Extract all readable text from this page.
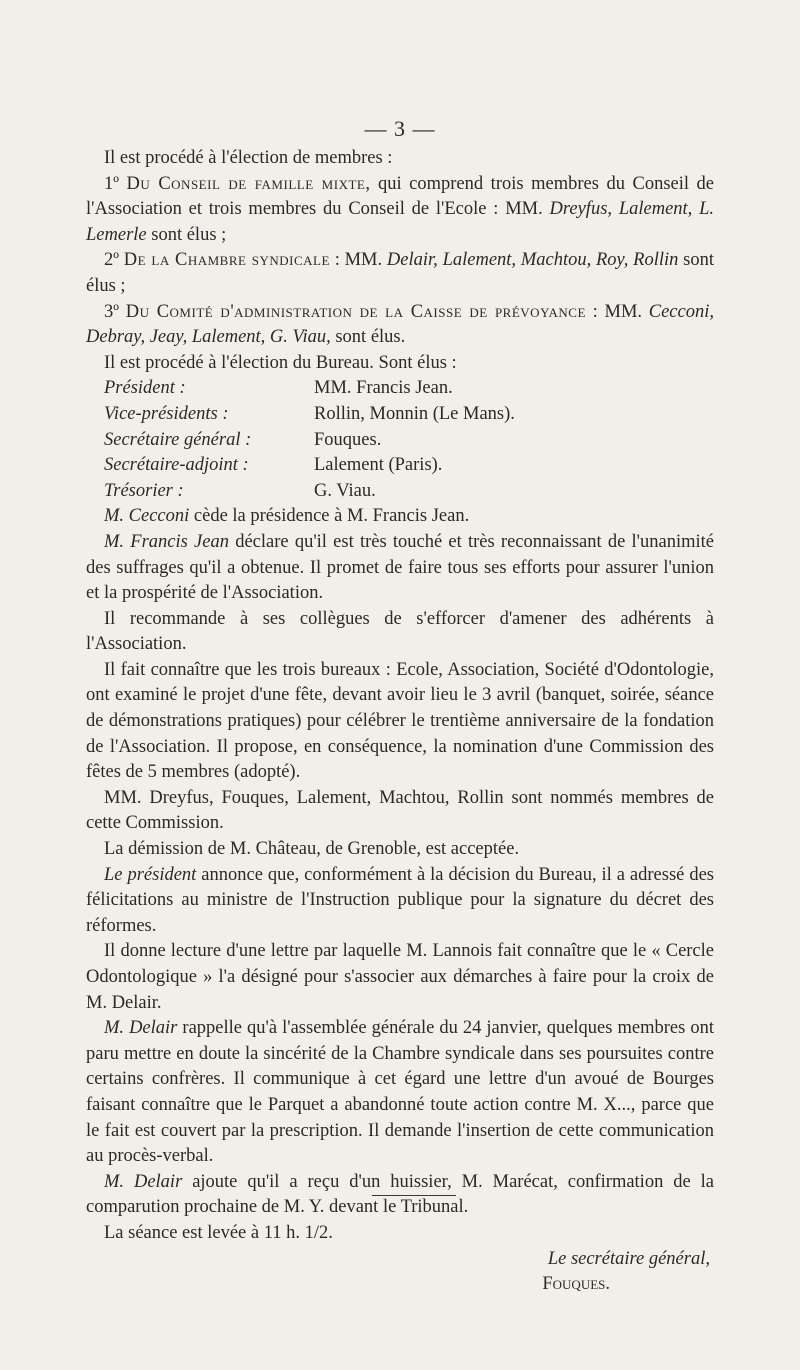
— 3 —

Il est procédé à l'élection de membres :

1º Du Conseil de famille mixte, qui comprend trois membres du Conseil de l'Association et trois membres du Conseil de l'Ecole : MM. Dreyfus, Lalement, L. Lemerle sont élus ;

2º De la Chambre syndicale : MM. Delair, Lalement, Machtou, Roy, Rollin sont élus ;

3º Du Comité d'administration de la Caisse de prévoyance : MM. Cecconi, Debray, Jeay, Lalement, G. Viau, sont élus.

Il est procédé à l'élection du Bureau. Sont élus :

Président :	MM. Francis Jean.
Vice-présidents :	Rollin, Monnin (Le Mans).
Secrétaire général :	Fouques.
Secrétaire-adjoint :	Lalement (Paris).
Trésorier :	G. Viau.

M. Cecconi cède la présidence à M. Francis Jean.

M. Francis Jean déclare qu'il est très touché et très reconnaissant de l'unanimité des suffrages qu'il a obtenue. Il promet de faire tous ses efforts pour assurer l'union et la prospérité de l'Association.

Il recommande à ses collègues de s'efforcer d'amener des adhérents à l'Association.

Il fait connaître que les trois bureaux : Ecole, Association, Société d'Odontologie, ont examiné le projet d'une fête, devant avoir lieu le 3 avril (banquet, soirée, séance de démonstrations pratiques) pour célébrer le trentième anniversaire de la fondation de l'Association. Il propose, en conséquence, la nomination d'une Commission des fêtes de 5 membres (adopté).

MM. Dreyfus, Fouques, Lalement, Machtou, Rollin sont nommés membres de cette Commission.

La démission de M. Château, de Grenoble, est acceptée.

Le président annonce que, conformément à la décision du Bureau, il a adressé des félicitations au ministre de l'Instruction publique pour la signature du décret des réformes.

Il donne lecture d'une lettre par laquelle M. Lannois fait connaître que le « Cercle Odontologique » l'a désigné pour s'associer aux démarches à faire pour la croix de M. Delair.

M. Delair rappelle qu'à l'assemblée générale du 24 janvier, quelques membres ont paru mettre en doute la sincérité de la Chambre syndicale dans ses poursuites contre certains confrères. Il communique à cet égard une lettre d'un avoué de Bourges faisant connaître que le Parquet a abandonné toute action contre M. X..., parce que le fait est couvert par la prescription. Il demande l'insertion de cette communication au procès-verbal.

M. Delair ajoute qu'il a reçu d'un huissier, M. Marécat, confirmation de la comparution prochaine de M. Y. devant le Tribunal.

La séance est levée à 11 h. 1/2.

Le secrétaire général,
Fouques.
